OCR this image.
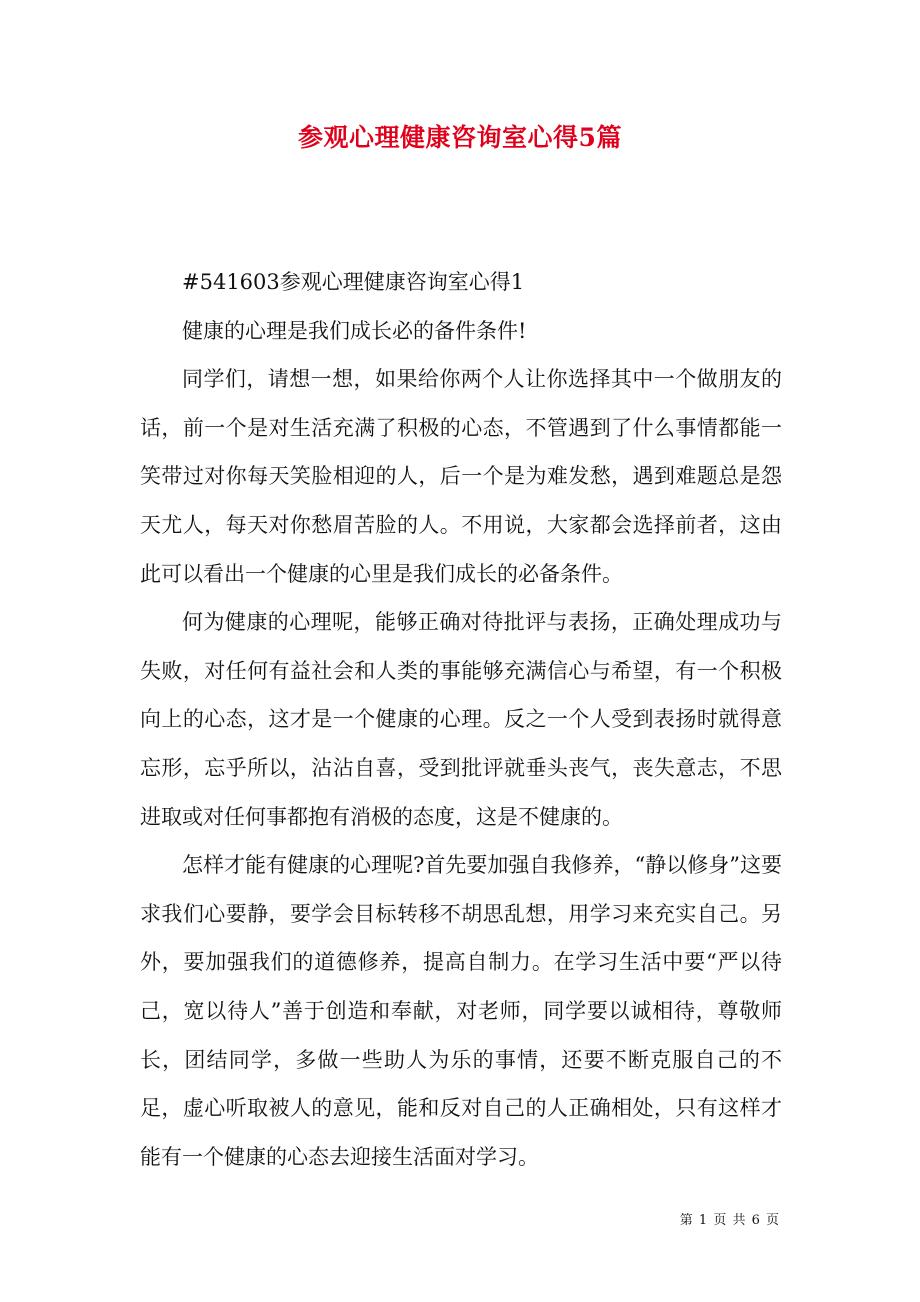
参观心理健康咨询室心得5篇

#541603参观心理健康咨询室心得1

健康的心理是我们成长必的备件条件!

同学们，请想一想，如果给你两个人让你选择其中一个做朋友的话，前一个是对生活充满了积极的心态，不管遇到了什么事情都能一笑带过对你每天笑脸相迎的人，后一个是为难发愁，遇到难题总是怨天尤人，每天对你愁眉苦脸的人。不用说，大家都会选择前者，这由此可以看出一个健康的心里是我们成长的必备条件。

何为健康的心理呢，能够正确对待批评与表扬，正确处理成功与失败，对任何有益社会和人类的事能够充满信心与希望，有一个积极向上的心态，这才是一个健康的心理。反之一个人受到表扬时就得意忘形，忘乎所以，沾沾自喜，受到批评就垂头丧气，丧失意志，不思进取或对任何事都抱有消极的态度，这是不健康的。

怎样才能有健康的心理呢?首先要加强自我修养，“静以修身”这要求我们心要静，要学会目标转移不胡思乱想，用学习来充实自己。另外，要加强我们的道德修养，提高自制力。在学习生活中要“严以待己，宽以待人”善于创造和奉献，对老师，同学要以诚相待，尊敬师长，团结同学，多做一些助人为乐的事情，还要不断克服自己的不足，虚心听取被人的意见，能和反对自己的人正确相处，只有这样才能有一个健康的心态去迎接生活面对学习。

第 1 页 共 6 页
